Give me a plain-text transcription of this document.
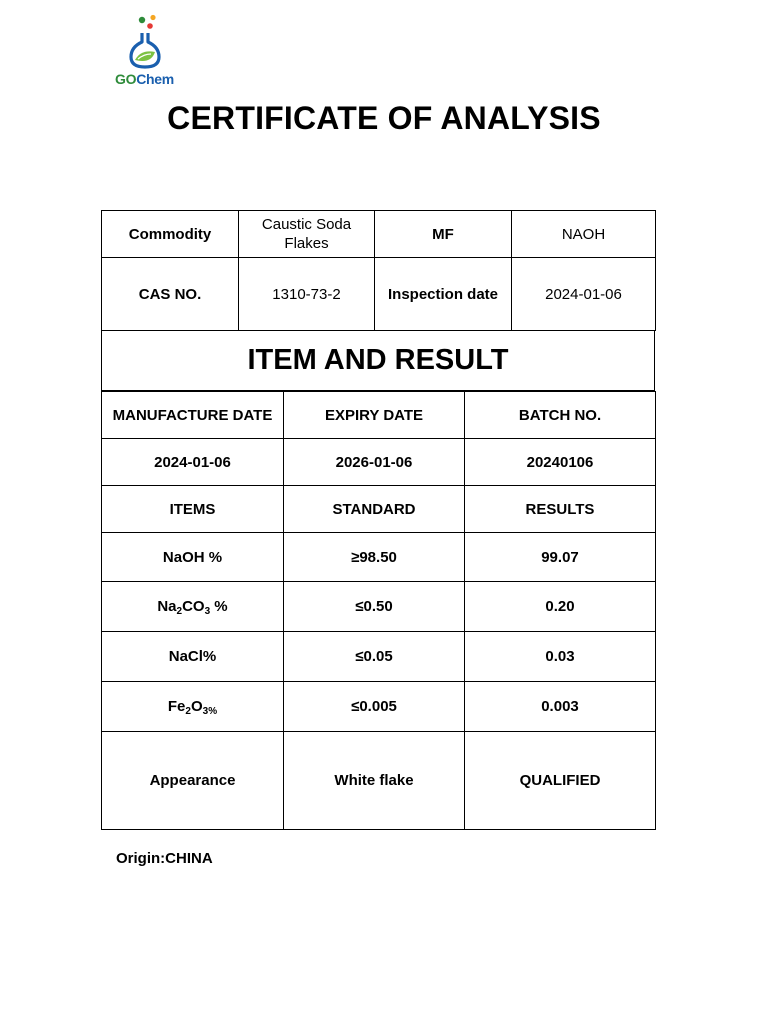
GOChem
CERTIFICATE OF ANALYSIS
Commodity	Caustic Soda Flakes	MF	NAOH
CAS NO.	1310-73-2	Inspection date	2024-01-06
ITEM AND RESULT
MANUFACTURE DATE	EXPIRY DATE	BATCH NO.
2024-01-06	2026-01-06	20240106
ITEMS	STANDARD	RESULTS
NaOH %	≥98.50	99.07
$Na_2CO_3$ %	≤0.50	0.20
NaCl%	≤0.05	0.03
$Fe_2O_{3\%}$	≤0.005	0.003
Appearance	White flake	QUALIFIED
Origin:CHINA
